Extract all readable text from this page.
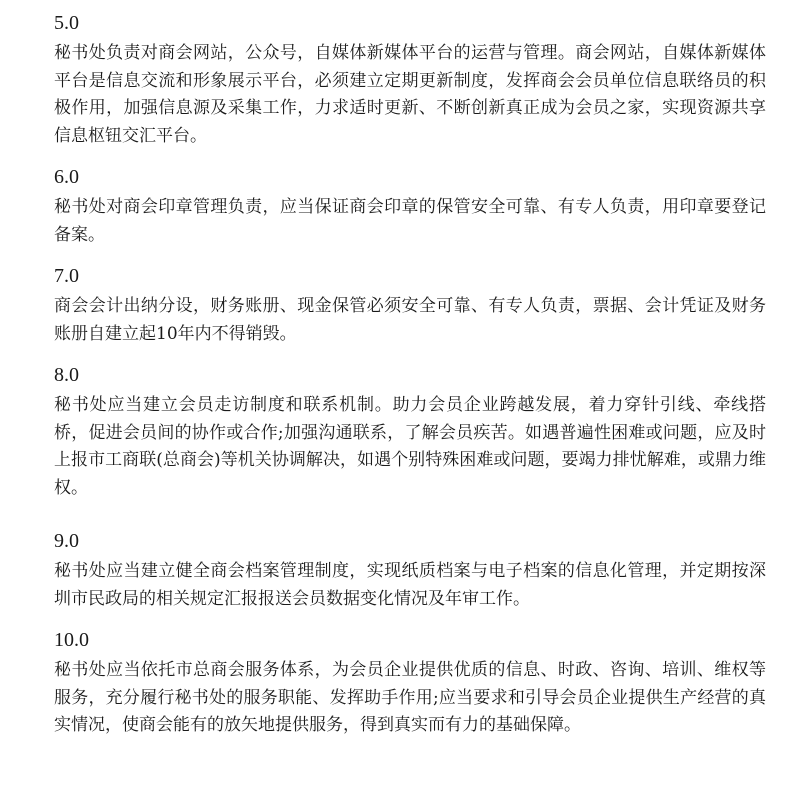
5.0

秘书处负责对商会网站，公众号，自媒体新媒体平台的运营与管理。商会网站，自媒体新媒体平台是信息交流和形象展示平台，必须建立定期更新制度，发挥商会会员单位信息联络员的积极作用，加强信息源及采集工作，力求适时更新、不断创新真正成为会员之家，实现资源共享信息枢钮交汇平台。

6.0

秘书处对商会印章管理负责，应当保证商会印章的保管安全可靠、有专人负责，用印章要登记备案。

7.0

商会会计出纳分设，财务账册、现金保管必须安全可靠、有专人负责，票据、会计凭证及财务账册自建立起10年内不得销毁。

8.0

秘书处应当建立会员走访制度和联系机制。助力会员企业跨越发展，着力穿针引线、牵线搭桥，促进会员间的协作或合作;加强沟通联系，了解会员疾苦。如遇普遍性困难或问题，应及时上报市工商联(总商会)等机关协调解决，如遇个别特殊困难或问题，要竭力排忧解难，或鼎力维权。

9.0

秘书处应当建立健全商会档案管理制度，实现纸质档案与电子档案的信息化管理，并定期按深圳市民政局的相关规定汇报报送会员数据变化情况及年审工作。

10.0

秘书处应当依托市总商会服务体系，为会员企业提供优质的信息、时政、咨询、培训、维权等服务，充分履行秘书处的服务职能、发挥助手作用;应当要求和引导会员企业提供生产经营的真实情况，使商会能有的放矢地提供服务，得到真实而有力的基础保障。
